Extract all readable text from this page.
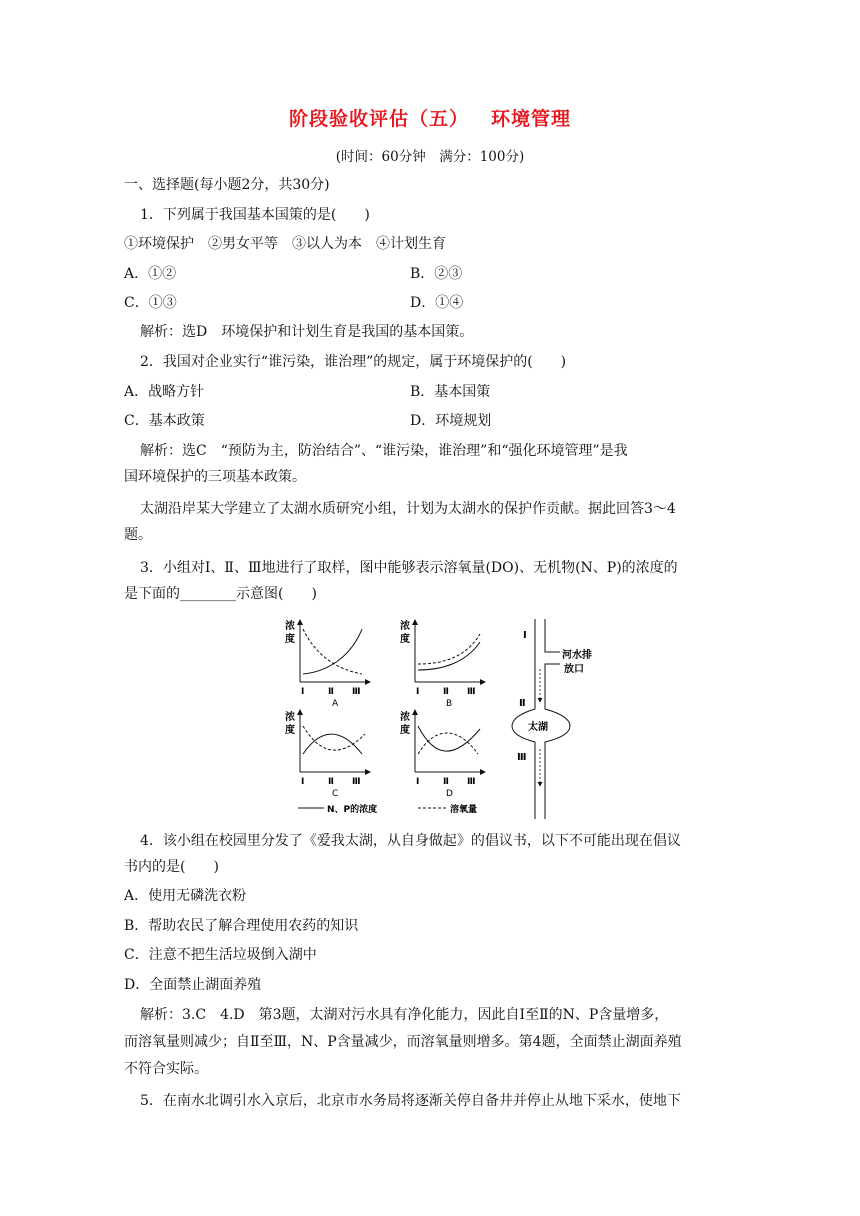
阶段验收评估（五） 环境管理
(时间：60分钟　满分：100分)
一、选择题(每小题2分，共30分)
1．下列属于我国基本国策的是(　　)
①环境保护　②男女平等　③以人为本　④计划生育
A．①②	B．②③
C．①③	D．①④
解析：选D　环境保护和计划生育是我国的基本国策。
2．我国对企业实行“谁污染，谁治理”的规定，属于环境保护的(　　)
A．战略方针	B．基本国策
C．基本政策	D．环境规划
解析：选C　“预防为主，防治结合”、“谁污染，谁治理”和“强化环境管理”是我
国环境保护的三项基本政策。
太湖沿岸某大学建立了太湖水质研究小组，计划为太湖水的保护作贡献。据此回答3～4
题。
3．小组对Ⅰ、Ⅱ、Ⅲ地进行了取样，图中能够表示溶氧量(DO)、无机物(N、P)的浓度的
是下面的________示意图(　　)
浓
度
Ⅰ	Ⅱ Ⅲ
A
浓
度
Ⅰ	Ⅱ Ⅲ
B
浓
度
Ⅰ	Ⅱ Ⅲ
C
浓
度
Ⅰ	Ⅱ Ⅲ
D
N、P的浓度	溶氧量
Ⅰ
Ⅱ
Ⅲ
河水排
放口
太湖
4．该小组在校园里分发了《爱我太湖，从自身做起》的倡议书，以下不可能出现在倡议
书内的是(　　)
A．使用无磷洗衣粉
B．帮助农民了解合理使用农药的知识
C．注意不把生活垃圾倒入湖中
D．全面禁止湖面养殖
解析：3.C　4.D　第3题，太湖对污水具有净化能力，因此自Ⅰ至Ⅱ的N、P含量增多，
而溶氧量则减少；自Ⅱ至Ⅲ，N、P含量减少，而溶氧量则增多。第4题，全面禁止湖面养殖
不符合实际。
5．在南水北调引水入京后，北京市水务局将逐渐关停自备井并停止从地下采水，使地下
